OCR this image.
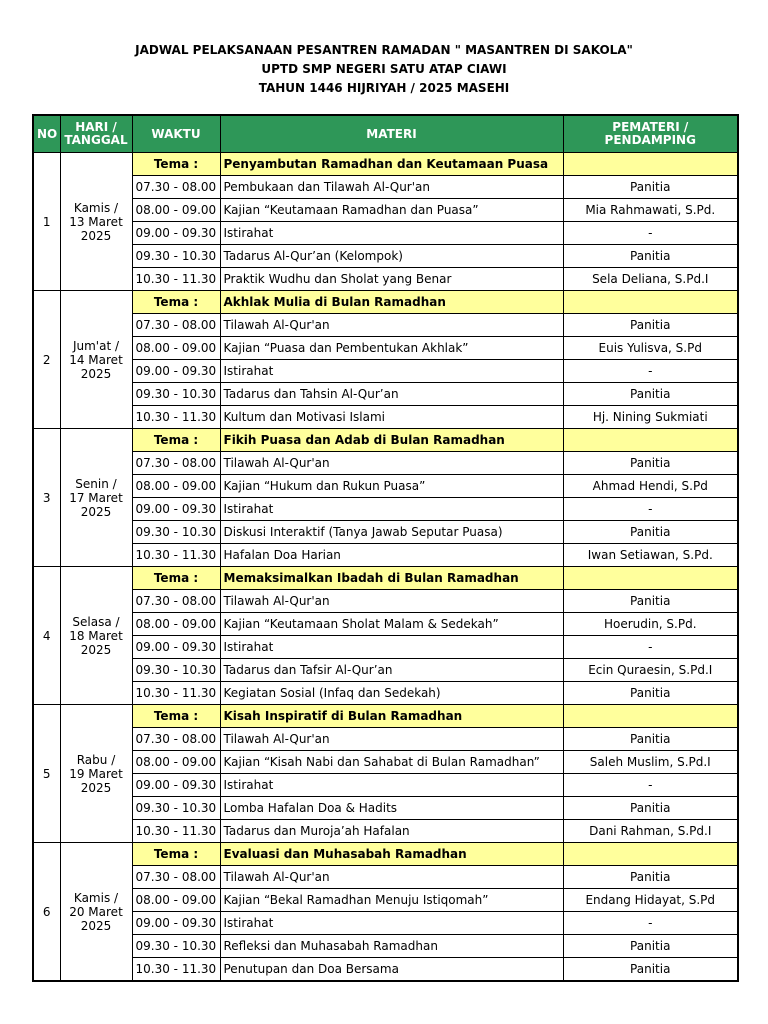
JADWAL PELAKSANAAN PESANTREN RAMADAN " MASANTREN DI SAKOLA"
UPTD SMP NEGERI SATU ATAP CIAWI
TAHUN 1446 HIJRIYAH / 2025 MASEHI
NO	HARI /
TANGGAL	WAKTU	MATERI	PEMATERI /
PENDAMPING
1	Kamis /
13 Maret
2025	Tema :	Penyambutan Ramadhan dan Keutamaan Puasa	
		07.30 - 08.00	Pembukaan dan Tilawah Al-Qur'an	Panitia
		08.00 - 09.00	Kajian “Keutamaan Ramadhan dan Puasa”	Mia Rahmawati, S.Pd.
		09.00 - 09.30	Istirahat	-
		09.30 - 10.30	Tadarus Al-Qur’an (Kelompok)	Panitia
		10.30 - 11.30	Praktik Wudhu dan Sholat yang Benar	Sela Deliana, S.Pd.I
2	Jum'at /
14 Maret
2025	Tema :	Akhlak Mulia di Bulan Ramadhan	
		07.30 - 08.00	Tilawah Al-Qur'an	Panitia
		08.00 - 09.00	Kajian “Puasa dan Pembentukan Akhlak”	Euis Yulisva, S.Pd
		09.00 - 09.30	Istirahat	-
		09.30 - 10.30	Tadarus dan Tahsin Al-Qur’an	Panitia
		10.30 - 11.30	Kultum dan Motivasi Islami	Hj. Nining Sukmiati
3	Senin /
17 Maret
2025	Tema :	Fikih Puasa dan Adab di Bulan Ramadhan	
		07.30 - 08.00	Tilawah Al-Qur'an	Panitia
		08.00 - 09.00	Kajian “Hukum dan Rukun Puasa”	Ahmad Hendi, S.Pd
		09.00 - 09.30	Istirahat	-
		09.30 - 10.30	Diskusi Interaktif (Tanya Jawab Seputar Puasa)	Panitia
		10.30 - 11.30	Hafalan Doa Harian	Iwan Setiawan, S.Pd.
4	Selasa /
18 Maret
2025	Tema :	Memaksimalkan Ibadah di Bulan Ramadhan	
		07.30 - 08.00	Tilawah Al-Qur'an	Panitia
		08.00 - 09.00	Kajian “Keutamaan Sholat Malam & Sedekah”	Hoerudin, S.Pd.
		09.00 - 09.30	Istirahat	-
		09.30 - 10.30	Tadarus dan Tafsir Al-Qur’an	Ecin Quraesin, S.Pd.I
		10.30 - 11.30	Kegiatan Sosial (Infaq dan Sedekah)	Panitia
5	Rabu /
19 Maret
2025	Tema :	Kisah Inspiratif di Bulan Ramadhan	
		07.30 - 08.00	Tilawah Al-Qur'an	Panitia
		08.00 - 09.00	Kajian “Kisah Nabi dan Sahabat di Bulan Ramadhan”	Saleh Muslim, S.Pd.I
		09.00 - 09.30	Istirahat	-
		09.30 - 10.30	Lomba Hafalan Doa & Hadits	Panitia
		10.30 - 11.30	Tadarus dan Muroja’ah Hafalan	Dani Rahman, S.Pd.I
6	Kamis /
20 Maret
2025	Tema :	Evaluasi dan Muhasabah Ramadhan	
		07.30 - 08.00	Tilawah Al-Qur'an	Panitia
		08.00 - 09.00	Kajian “Bekal Ramadhan Menuju Istiqomah”	Endang Hidayat, S.Pd
		09.00 - 09.30	Istirahat	-
		09.30 - 10.30	Refleksi dan Muhasabah Ramadhan	Panitia
		10.30 - 11.30	Penutupan dan Doa Bersama	Panitia
